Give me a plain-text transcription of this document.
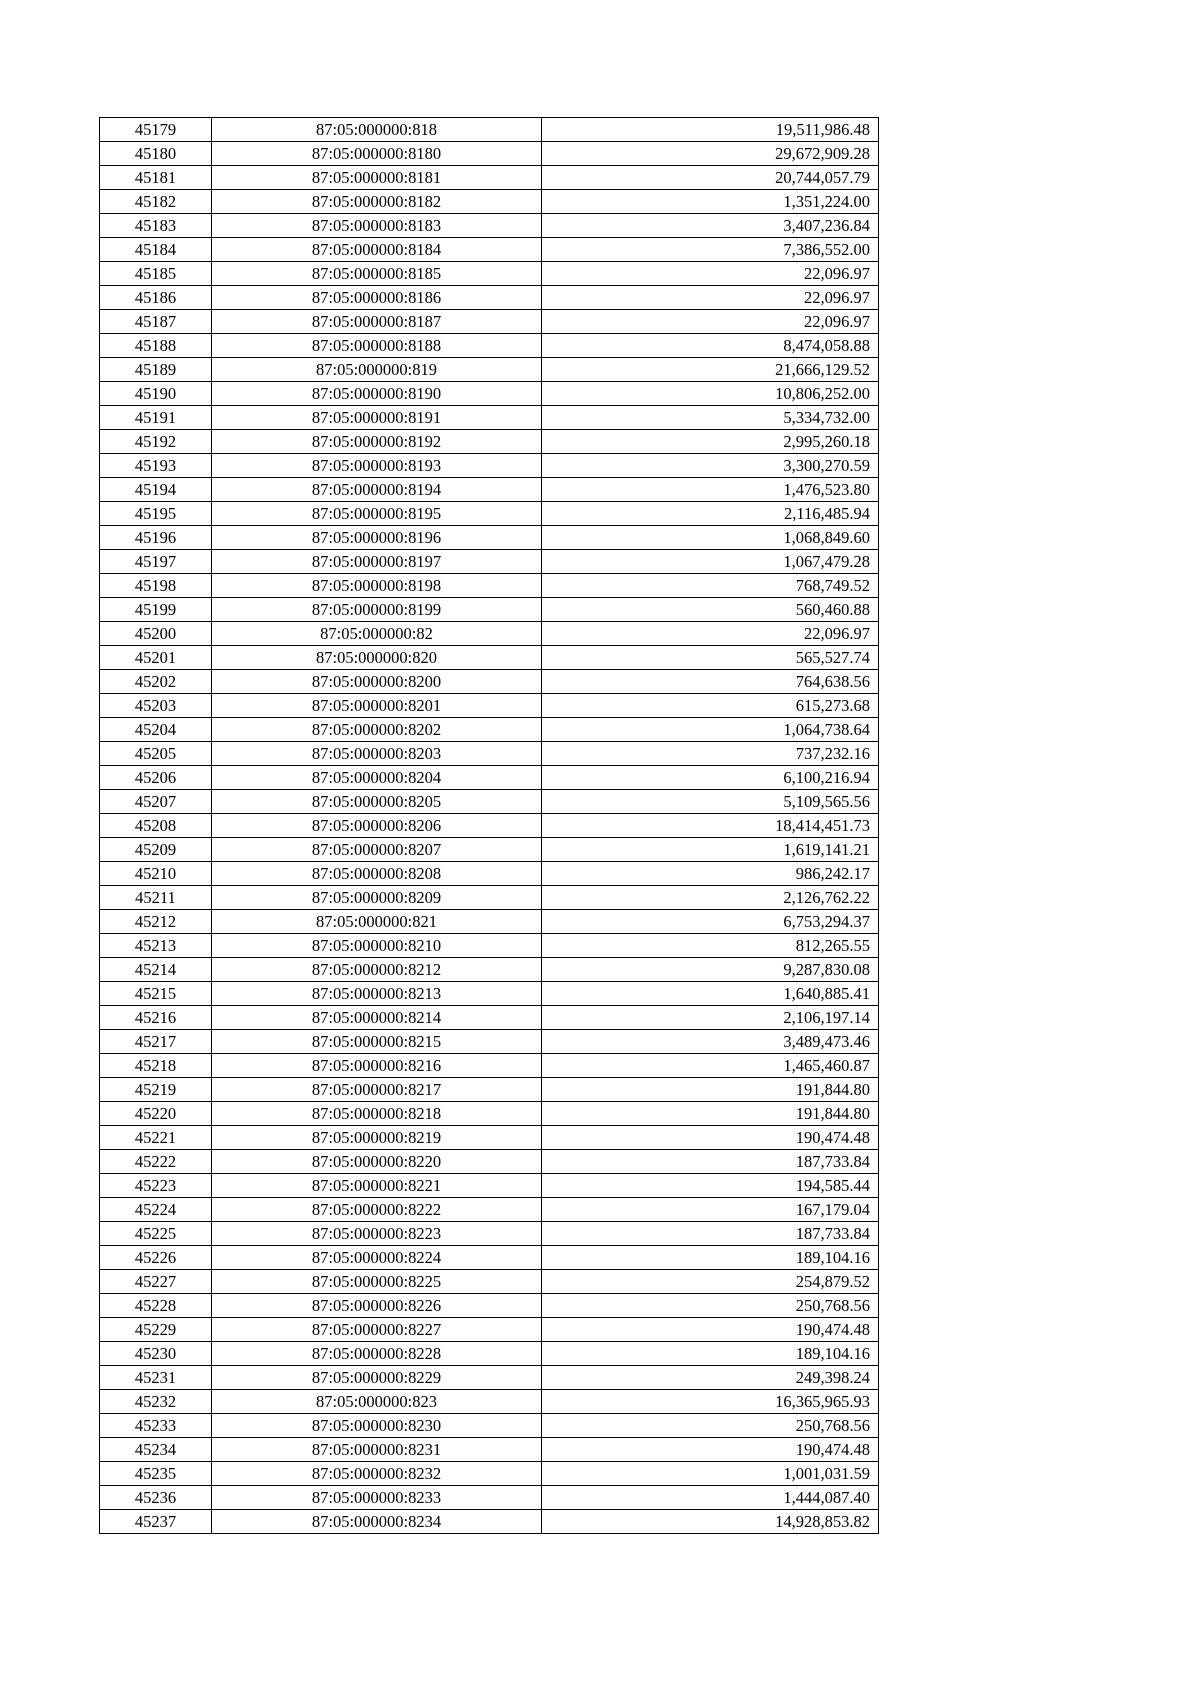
45179	87:05:000000:818	19,511,986.48
45180	87:05:000000:8180	29,672,909.28
45181	87:05:000000:8181	20,744,057.79
45182	87:05:000000:8182	1,351,224.00
45183	87:05:000000:8183	3,407,236.84
45184	87:05:000000:8184	7,386,552.00
45185	87:05:000000:8185	22,096.97
45186	87:05:000000:8186	22,096.97
45187	87:05:000000:8187	22,096.97
45188	87:05:000000:8188	8,474,058.88
45189	87:05:000000:819	21,666,129.52
45190	87:05:000000:8190	10,806,252.00
45191	87:05:000000:8191	5,334,732.00
45192	87:05:000000:8192	2,995,260.18
45193	87:05:000000:8193	3,300,270.59
45194	87:05:000000:8194	1,476,523.80
45195	87:05:000000:8195	2,116,485.94
45196	87:05:000000:8196	1,068,849.60
45197	87:05:000000:8197	1,067,479.28
45198	87:05:000000:8198	768,749.52
45199	87:05:000000:8199	560,460.88
45200	87:05:000000:82	22,096.97
45201	87:05:000000:820	565,527.74
45202	87:05:000000:8200	764,638.56
45203	87:05:000000:8201	615,273.68
45204	87:05:000000:8202	1,064,738.64
45205	87:05:000000:8203	737,232.16
45206	87:05:000000:8204	6,100,216.94
45207	87:05:000000:8205	5,109,565.56
45208	87:05:000000:8206	18,414,451.73
45209	87:05:000000:8207	1,619,141.21
45210	87:05:000000:8208	986,242.17
45211	87:05:000000:8209	2,126,762.22
45212	87:05:000000:821	6,753,294.37
45213	87:05:000000:8210	812,265.55
45214	87:05:000000:8212	9,287,830.08
45215	87:05:000000:8213	1,640,885.41
45216	87:05:000000:8214	2,106,197.14
45217	87:05:000000:8215	3,489,473.46
45218	87:05:000000:8216	1,465,460.87
45219	87:05:000000:8217	191,844.80
45220	87:05:000000:8218	191,844.80
45221	87:05:000000:8219	190,474.48
45222	87:05:000000:8220	187,733.84
45223	87:05:000000:8221	194,585.44
45224	87:05:000000:8222	167,179.04
45225	87:05:000000:8223	187,733.84
45226	87:05:000000:8224	189,104.16
45227	87:05:000000:8225	254,879.52
45228	87:05:000000:8226	250,768.56
45229	87:05:000000:8227	190,474.48
45230	87:05:000000:8228	189,104.16
45231	87:05:000000:8229	249,398.24
45232	87:05:000000:823	16,365,965.93
45233	87:05:000000:8230	250,768.56
45234	87:05:000000:8231	190,474.48
45235	87:05:000000:8232	1,001,031.59
45236	87:05:000000:8233	1,444,087.40
45237	87:05:000000:8234	14,928,853.82
